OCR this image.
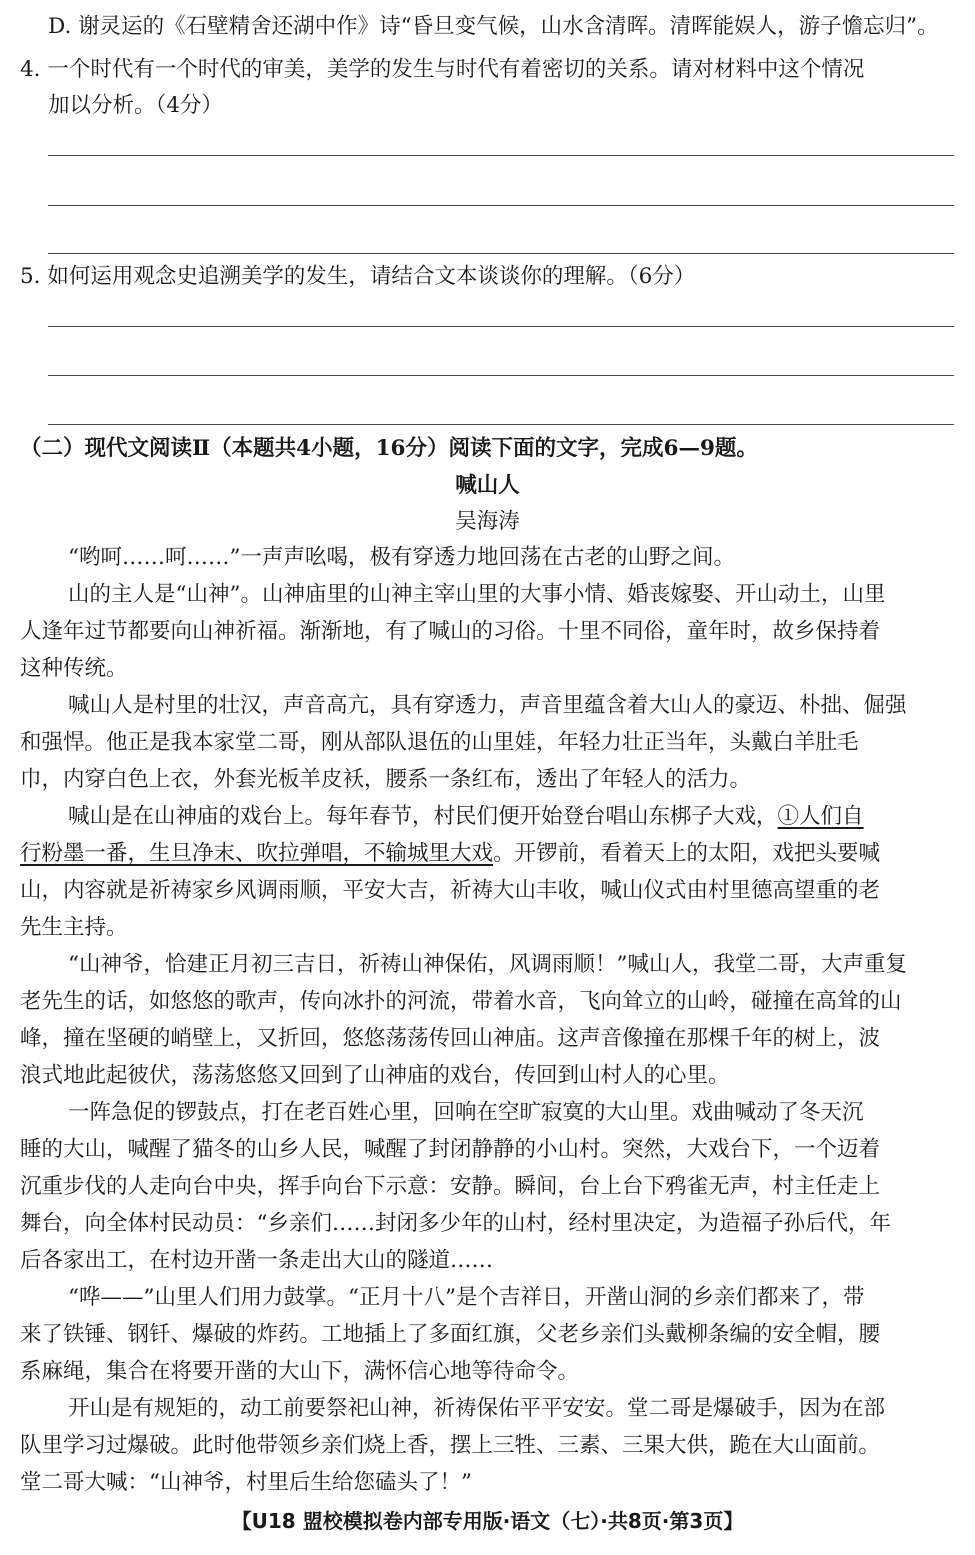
D. 谢灵运的《石壁精舍还湖中作》诗“昏旦变气候，山水含清晖。清晖能娱人，游子憺忘归”。
4. 一个时代有一个时代的审美，美学的发生与时代有着密切的关系。请对材料中这个情况
加以分析。（4分）
5. 如何运用观念史追溯美学的发生，请结合文本谈谈你的理解。（6分）
（二）现代文阅读Ⅱ（本题共4小题，16分）阅读下面的文字，完成6—9题。
喊山人
吴海涛
“哟呵……呵……”一声声吆喝，极有穿透力地回荡在古老的山野之间。
山的主人是“山神”。山神庙里的山神主宰山里的大事小情、婚丧嫁娶、开山动土，山里
人逢年过节都要向山神祈福。渐渐地，有了喊山的习俗。十里不同俗，童年时，故乡保持着
这种传统。
喊山人是村里的壮汉，声音高亢，具有穿透力，声音里蕴含着大山人的豪迈、朴拙、倔强
和强悍。他正是我本家堂二哥，刚从部队退伍的山里娃，年轻力壮正当年，头戴白羊肚毛
巾，内穿白色上衣，外套光板羊皮袄，腰系一条红布，透出了年轻人的活力。
喊山是在山神庙的戏台上。每年春节，村民们便开始登台唱山东梆子大戏，①人们自
行粉墨一番，生旦净末、吹拉弹唱，不输城里大戏。开锣前，看着天上的太阳，戏把头要喊
山，内容就是祈祷家乡风调雨顺，平安大吉，祈祷大山丰收，喊山仪式由村里德高望重的老
先生主持。
“山神爷，恰建正月初三吉日，祈祷山神保佑，风调雨顺！”喊山人，我堂二哥，大声重复
老先生的话，如悠悠的歌声，传向冰扑的河流，带着水音，飞向耸立的山岭，碰撞在高耸的山
峰，撞在坚硬的峭壁上，又折回，悠悠荡荡传回山神庙。这声音像撞在那棵千年的树上，波
浪式地此起彼伏，荡荡悠悠又回到了山神庙的戏台，传回到山村人的心里。
一阵急促的锣鼓点，打在老百姓心里，回响在空旷寂寞的大山里。戏曲喊动了冬天沉
睡的大山，喊醒了猫冬的山乡人民，喊醒了封闭静静的小山村。突然，大戏台下，一个迈着
沉重步伐的人走向台中央，挥手向台下示意：安静。瞬间，台上台下鸦雀无声，村主任走上
舞台，向全体村民动员：“乡亲们……封闭多少年的山村，经村里决定，为造福子孙后代，年
后各家出工，在村边开凿一条走出大山的隧道……
“哗——”山里人们用力鼓掌。“正月十八”是个吉祥日，开凿山洞的乡亲们都来了，带
来了铁锤、钢钎、爆破的炸药。工地插上了多面红旗，父老乡亲们头戴柳条编的安全帽，腰
系麻绳，集合在将要开凿的大山下，满怀信心地等待命令。
开山是有规矩的，动工前要祭祀山神，祈祷保佑平平安安。堂二哥是爆破手，因为在部
队里学习过爆破。此时他带领乡亲们烧上香，摆上三牲、三素、三果大供，跪在大山面前。
堂二哥大喊：“山神爷，村里后生给您磕头了！”
【U18 盟校模拟卷内部专用版·语文（七）·共8页·第3页】
